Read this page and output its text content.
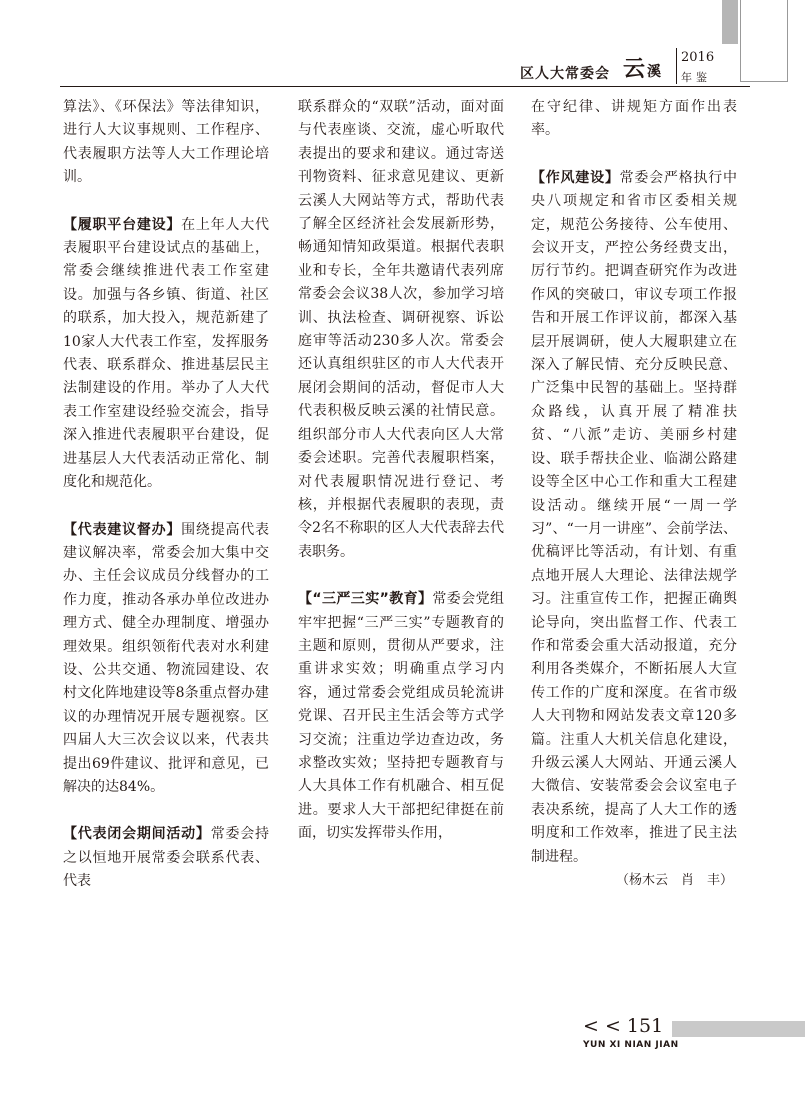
区人大常委会 云溪
2016
年鉴

算法》、《环保法》等法律知识，进行人大议事规则、工作程序、代表履职方法等人大工作理论培训。

【履职平台建设】在上年人大代表履职平台建设试点的基础上，常委会继续推进代表工作室建设。加强与各乡镇、街道、社区的联系，加大投入，规范新建了10家人大代表工作室，发挥服务代表、联系群众、推进基层民主法制建设的作用。举办了人大代表工作室建设经验交流会，指导深入推进代表履职平台建设，促进基层人大代表活动正常化、制度化和规范化。

【代表建议督办】围绕提高代表建议解决率，常委会加大集中交办、主任会议成员分线督办的工作力度，推动各承办单位改进办理方式、健全办理制度、增强办理效果。组织领衔代表对水利建设、公共交通、物流园建设、农村文化阵地建设等8条重点督办建议的办理情况开展专题视察。区四届人大三次会议以来，代表共提出69件建议、批评和意见，已解决的达84%。

【代表闭会期间活动】常委会持之以恒地开展常委会联系代表、代表

联系群众的“双联”活动，面对面与代表座谈、交流，虚心听取代表提出的要求和建议。通过寄送刊物资料、征求意见建议、更新云溪人大网站等方式，帮助代表了解全区经济社会发展新形势，畅通知情知政渠道。根据代表职业和专长，全年共邀请代表列席常委会会议38人次，参加学习培训、执法检查、调研视察、诉讼庭审等活动230多人次。常委会还认真组织驻区的市人大代表开展闭会期间的活动，督促市人大代表积极反映云溪的社情民意。组织部分市人大代表向区人大常委会述职。完善代表履职档案，对代表履职情况进行登记、考核，并根据代表履职的表现，责令2名不称职的区人大代表辞去代表职务。

【“三严三实”教育】常委会党组牢牢把握“三严三实”专题教育的主题和原则，贯彻从严要求，注重讲求实效；明确重点学习内容，通过常委会党组成员轮流讲党课、召开民主生活会等方式学习交流；注重边学边查边改，务求整改实效；坚持把专题教育与人大具体工作有机融合、相互促进。要求人大干部把纪律挺在前面，切实发挥带头作用，

在守纪律、讲规矩方面作出表率。

【作风建设】常委会严格执行中央八项规定和省市区委相关规定，规范公务接待、公车使用、会议开支，严控公务经费支出，厉行节约。把调查研究作为改进作风的突破口，审议专项工作报告和开展工作评议前，都深入基层开展调研，使人大履职建立在深入了解民情、充分反映民意、广泛集中民智的基础上。坚持群众路线，认真开展了精准扶贫、“八派”走访、美丽乡村建设、联手帮扶企业、临湖公路建设等全区中心工作和重大工程建设活动。继续开展“一周一学习”、“一月一讲座”、会前学法、优稿评比等活动，有计划、有重点地开展人大理论、法律法规学习。注重宣传工作，把握正确舆论导向，突出监督工作、代表工作和常委会重大活动报道，充分利用各类媒介，不断拓展人大宣传工作的广度和深度。在省市级人大刊物和网站发表文章120多篇。注重人大机关信息化建设，升级云溪人大网站、开通云溪人大微信、安装常委会会议室电子表决系统，提高了人大工作的透明度和工作效率，推进了民主法制进程。

（杨木云　肖　丰）

< < 151
YUN XI NIAN JIAN
